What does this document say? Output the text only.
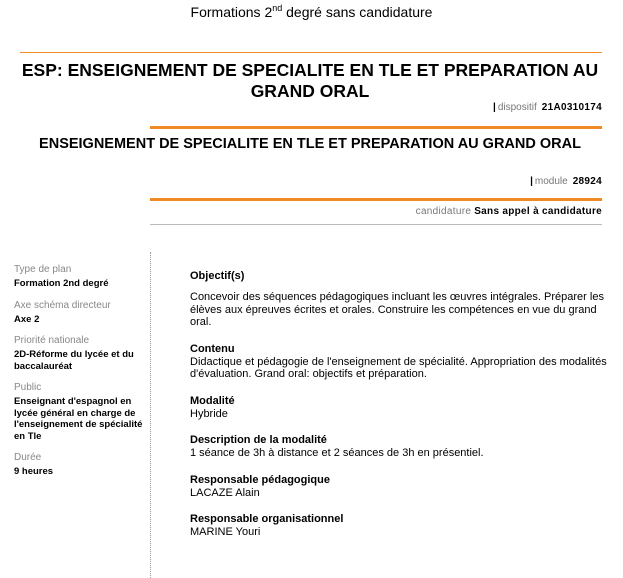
Formations 2nd degré sans candidature
ESP: ENSEIGNEMENT DE SPECIALITE EN TLE ET PREPARATION AU GRAND ORAL
| dispositif 21A0310174
ENSEIGNEMENT DE SPECIALITE EN TLE ET PREPARATION AU GRAND ORAL
| module 28924
candidature Sans appel à candidature
Type de plan
Formation 2nd degré
Axe schéma directeur
Axe 2
Priorité nationale
2D-Réforme du lycée et du baccalauréat
Public
Enseignant d'espagnol en lycée général en charge de l'enseignement de spécialité en Tle
Durée
9 heures
Objectif(s)
Concevoir des séquences pédagogiques incluant les œuvres intégrales. Préparer les élèves aux épreuves écrites et orales. Construire les compétences en vue du grand oral.
Contenu
Didactique et pédagogie de l'enseignement de spécialité. Appropriation des modalités d'évaluation. Grand oral: objectifs et préparation.
Modalité
Hybride
Description de la modalité
1 séance de 3h à distance et 2 séances de 3h en présentiel.
Responsable pédagogique
LACAZE Alain
Responsable organisationnel
MARINE Youri
